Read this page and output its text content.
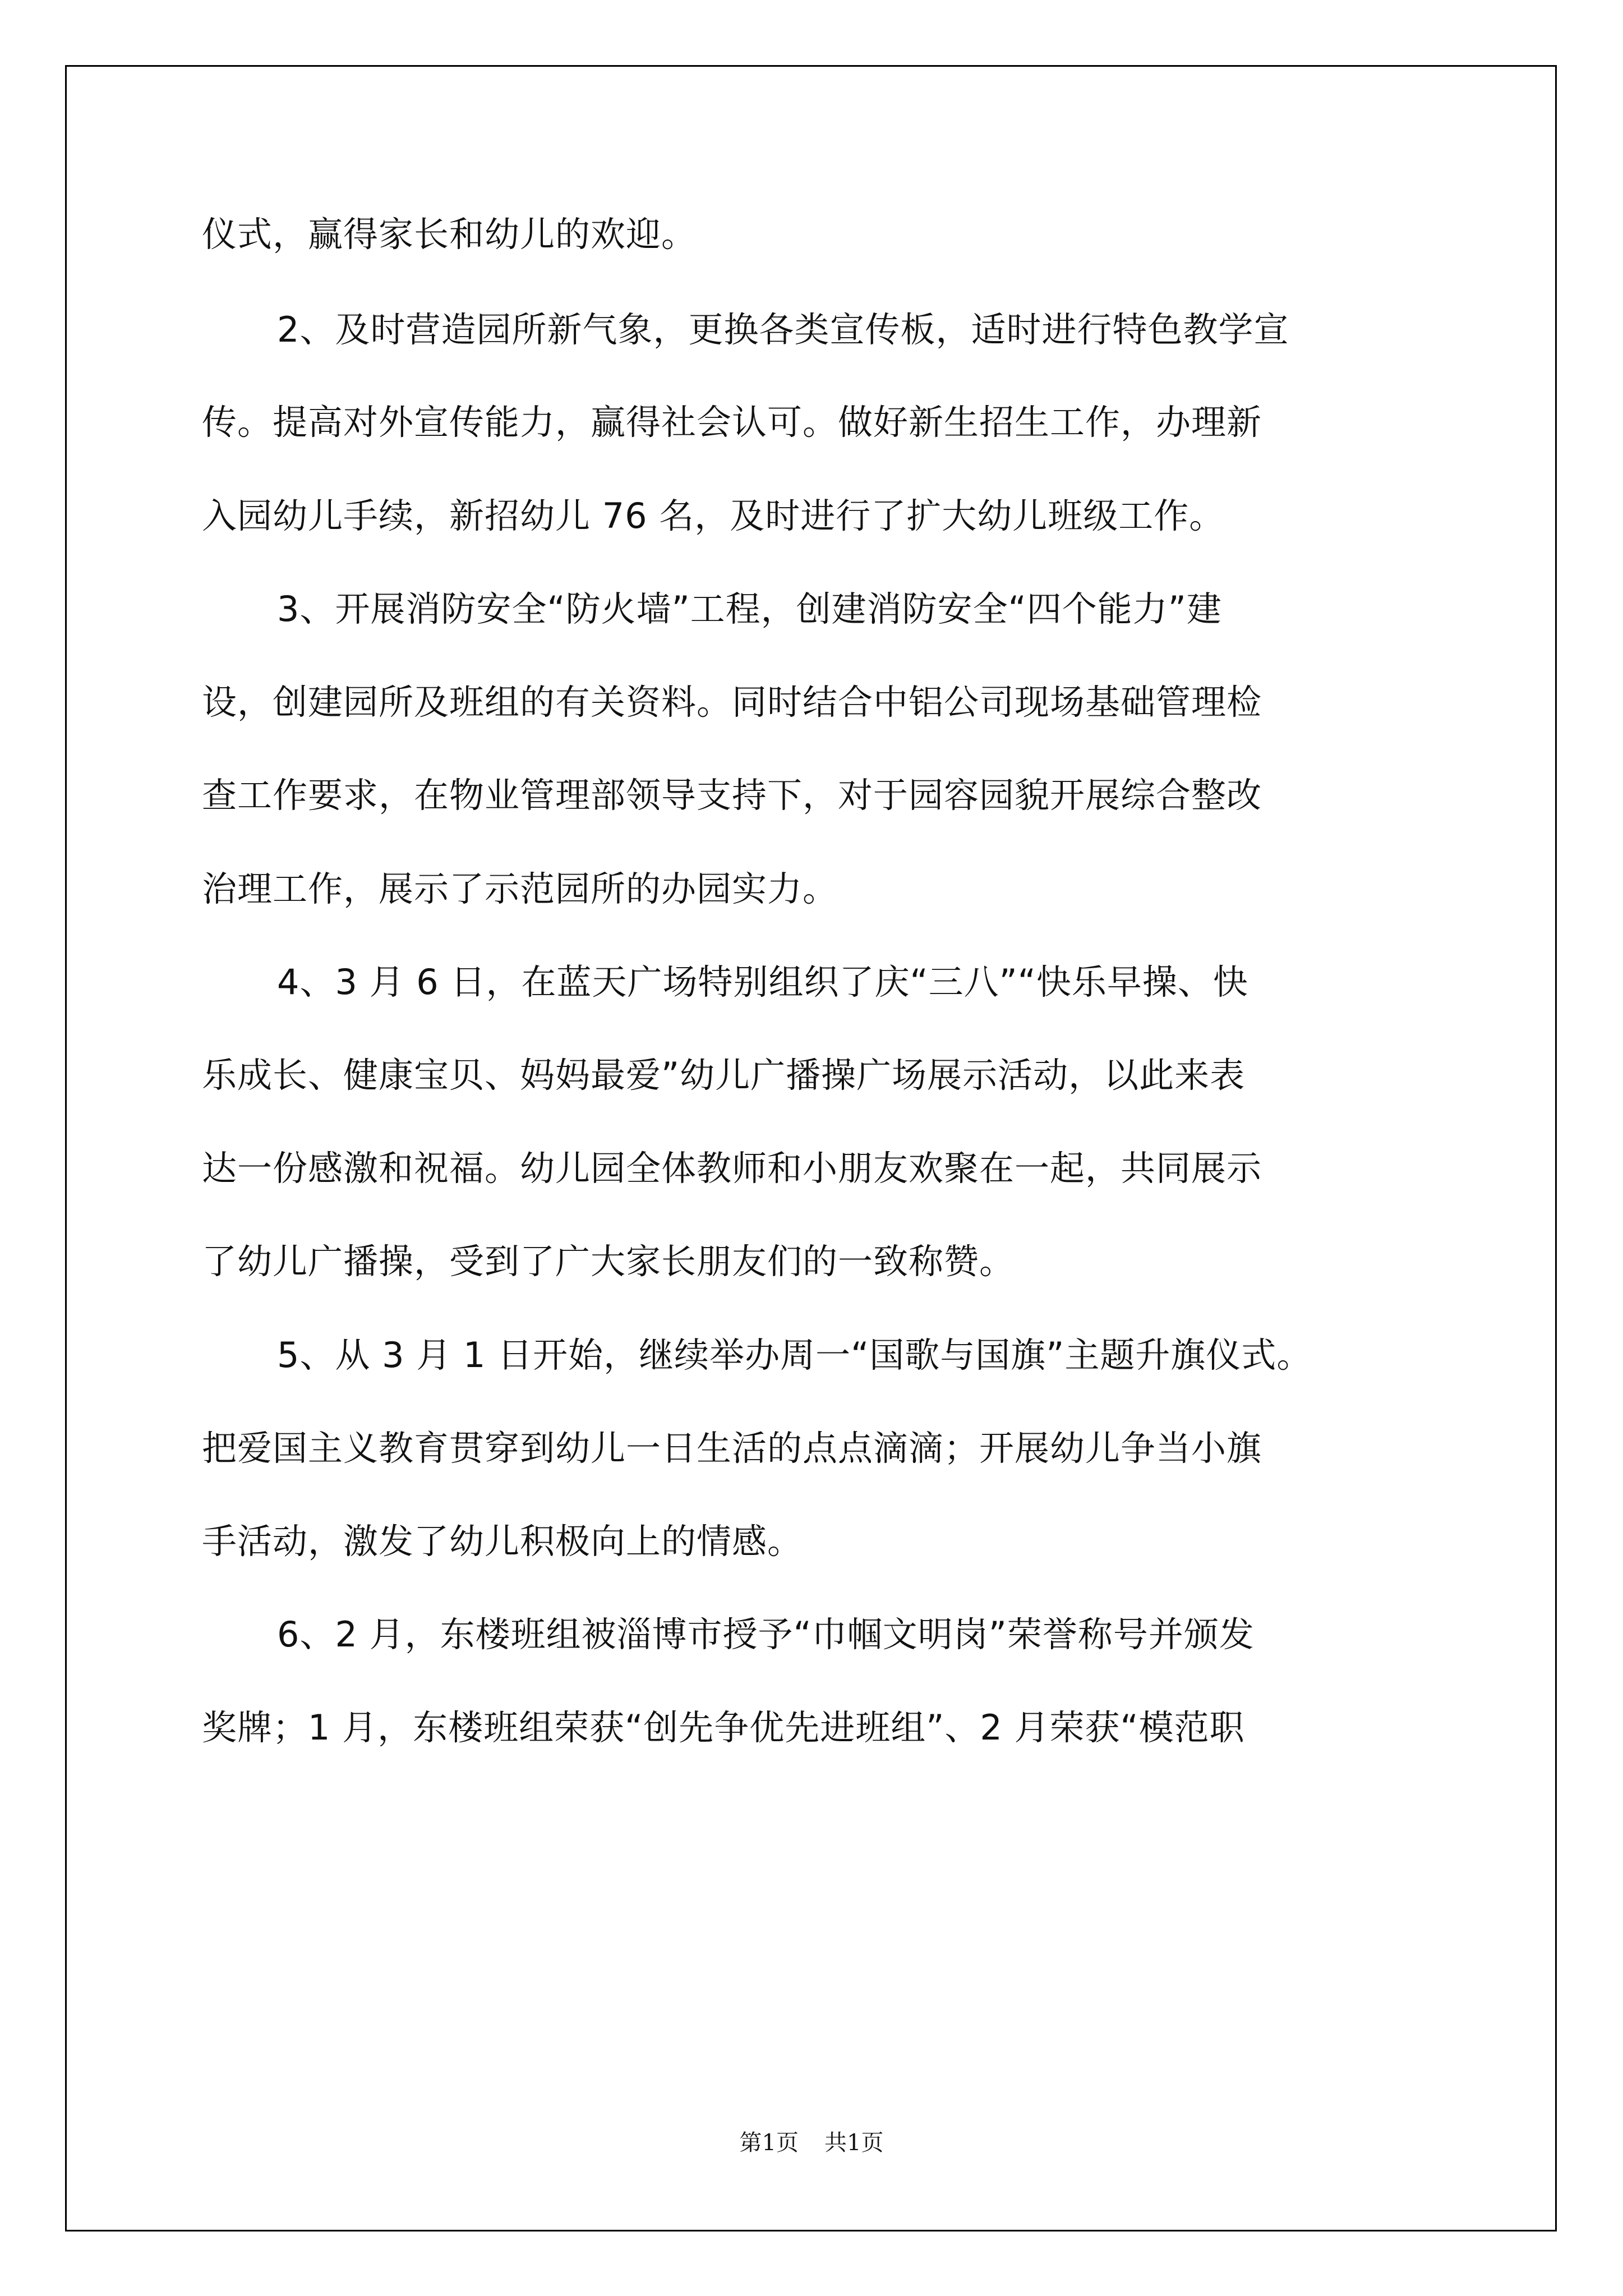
仪式，赢得家长和幼儿的欢迎。
2、及时营造园所新气象，更换各类宣传板，适时进行特色教学宣
传。提高对外宣传能力，赢得社会认可。做好新生招生工作，办理新
入园幼儿手续，新招幼儿 76 名，及时进行了扩大幼儿班级工作。
3、开展消防安全“防火墙”工程，创建消防安全“四个能力”建
设，创建园所及班组的有关资料。同时结合中铝公司现场基础管理检
查工作要求，在物业管理部领导支持下，对于园容园貌开展综合整改
治理工作，展示了示范园所的办园实力。
4、3 月 6 日，在蓝天广场特别组织了庆“三八”“快乐早操、快
乐成长、健康宝贝、妈妈最爱”幼儿广播操广场展示活动，以此来表
达一份感激和祝福。幼儿园全体教师和小朋友欢聚在一起，共同展示
了幼儿广播操，受到了广大家长朋友们的一致称赞。
5、从 3 月 1 日开始，继续举办周一“国歌与国旗”主题升旗仪式。
把爱国主义教育贯穿到幼儿一日生活的点点滴滴；开展幼儿争当小旗
手活动，激发了幼儿积极向上的情感。
6、2 月，东楼班组被淄博市授予“巾帼文明岗”荣誉称号并颁发
奖牌；1 月，东楼班组荣获“创先争优先进班组”、2 月荣获“模范职
第1页 共1页
